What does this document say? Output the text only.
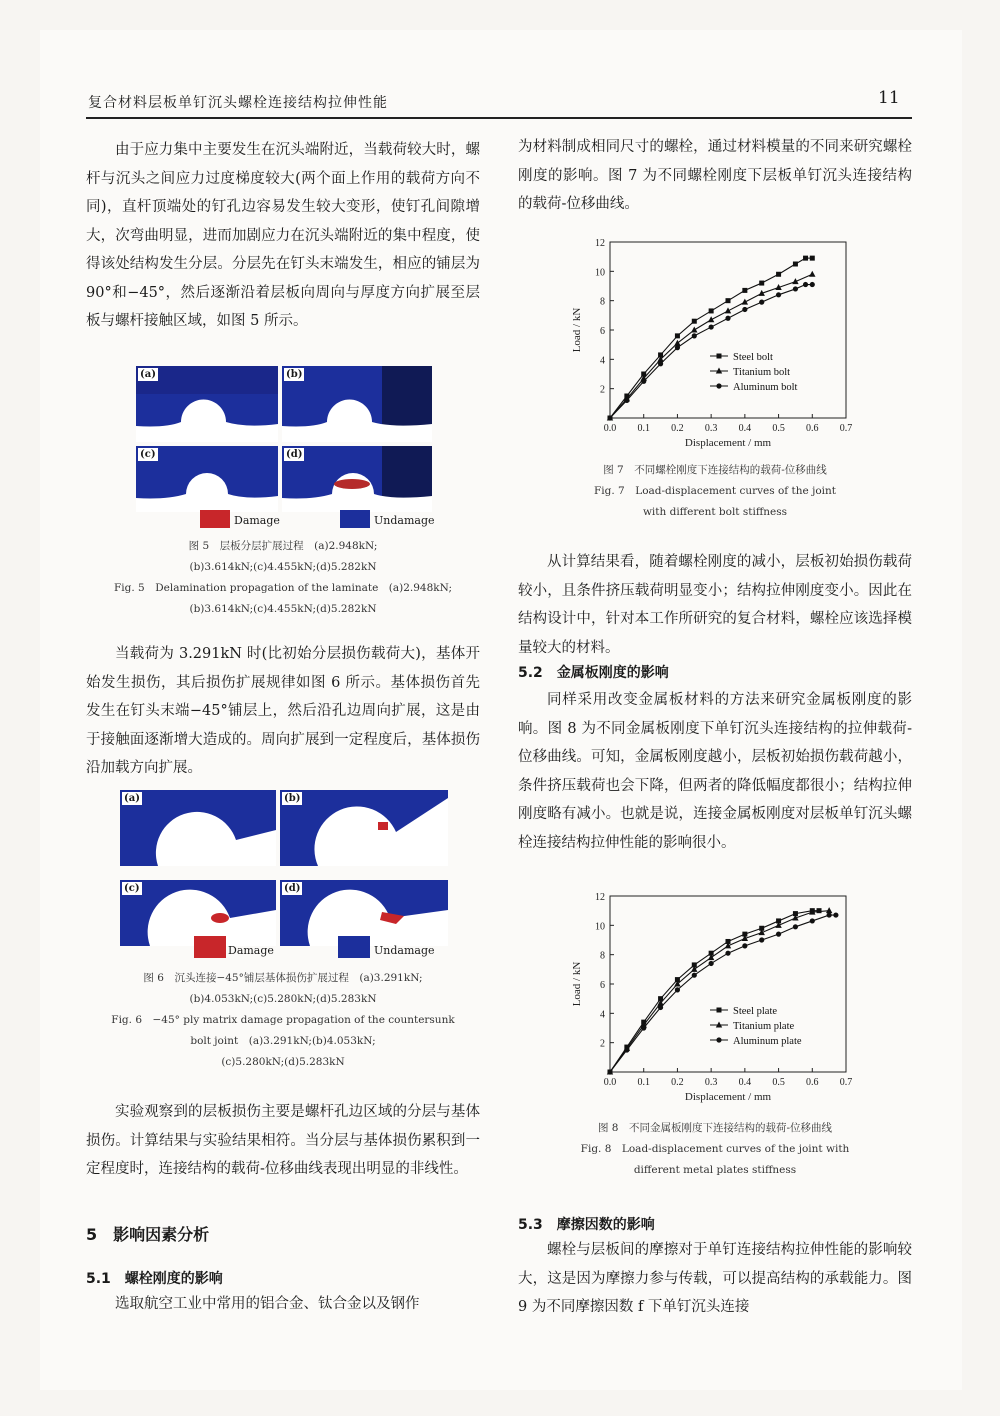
复合材料层板单钉沉头螺栓连接结构拉伸性能	11

由于应力集中主要发生在沉头端附近，当载荷较大时，螺杆与沉头之间应力过度梯度较大(两个面上作用的载荷方向不同)，直杆顶端处的钉孔边容易发生较大变形，使钉孔间隙增大，次弯曲明显，进而加剧应力在沉头端附近的集中程度，使得该处结构发生分层。分层先在钉头末端发生，相应的铺层为90°和−45°，然后逐渐沿着层板向周向与厚度方向扩展至层板与螺杆接触区域，如图 5 所示。

(a)	(b)
(c)	(d)
Damage	Undamage
图 5　层板分层扩展过程　(a)2.948kN;
(b)3.614kN;(c)4.455kN;(d)5.282kN
Fig. 5　Delamination propagation of the laminate　(a)2.948kN;
(b)3.614kN;(c)4.455kN;(d)5.282kN

当载荷为 3.291kN 时(比初始分层损伤载荷大)，基体开始发生损伤，其后损伤扩展规律如图 6 所示。基体损伤首先发生在钉头末端−45°铺层上，然后沿孔边周向扩展，这是由于接触面逐渐增大造成的。周向扩展到一定程度后，基体损伤沿加载方向扩展。

(a)	(b)
(c)	(d)
Damage	Undamage
图 6　沉头连接−45°铺层基体损伤扩展过程　(a)3.291kN;
(b)4.053kN;(c)5.280kN;(d)5.283kN
Fig. 6　−45° ply matrix damage propagation of the countersunk
bolt joint　(a)3.291kN;(b)4.053kN;
(c)5.280kN;(d)5.283kN

实验观察到的层板损伤主要是螺杆孔边区域的分层与基体损伤。计算结果与实验结果相符。当分层与基体损伤累积到一定程度时，连接结构的载荷-位移曲线表现出明显的非线性。

5　影响因素分析
5.1　螺栓刚度的影响

选取航空工业中常用的铝合金、钛合金以及钢作

为材料制成相同尺寸的螺栓，通过材料模量的不同来研究螺栓刚度的影响。图 7 为不同螺栓刚度下层板单钉沉头连接结构的载荷-位移曲线。

0.0 0.1 0.2 0.3 0.4 0.5 0.6 0.7
2
4
6
8
10
12
Displacement / mm
Load / kN
Steel bolt
Titanium bolt
Aluminum bolt
图 7　不同螺栓刚度下连接结构的载荷-位移曲线
Fig. 7　Load-displacement curves of the joint
with different bolt stiffness

从计算结果看，随着螺栓刚度的减小，层板初始损伤载荷较小，且条件挤压载荷明显变小；结构拉伸刚度变小。因此在结构设计中，针对本工作所研究的复合材料，螺栓应该选择模量较大的材料。

5.2　金属板刚度的影响

同样采用改变金属板材料的方法来研究金属板刚度的影响。图 8 为不同金属板刚度下单钉沉头连接结构的拉伸载荷-位移曲线。可知，金属板刚度越小，层板初始损伤载荷越小，条件挤压载荷也会下降，但两者的降低幅度都很小；结构拉伸刚度略有减小。也就是说，连接金属板刚度对层板单钉沉头螺栓连接结构拉伸性能的影响很小。

0.0 0.1 0.2 0.3 0.4 0.5 0.6 0.7
2
4
6
8
10
12
Displacement / mm
Load / kN
Steel plate
Titanium plate
Aluminum plate
图 8　不同金属板刚度下连接结构的载荷-位移曲线
Fig. 8　Load-displacement curves of the joint with
different metal plates stiffness
5.3　摩擦因数的影响

螺栓与层板间的摩擦对于单钉连接结构拉伸性能的影响较大，这是因为摩擦力参与传载，可以提高结构的承载能力。图 9 为不同摩擦因数 f 下单钉沉头连接
